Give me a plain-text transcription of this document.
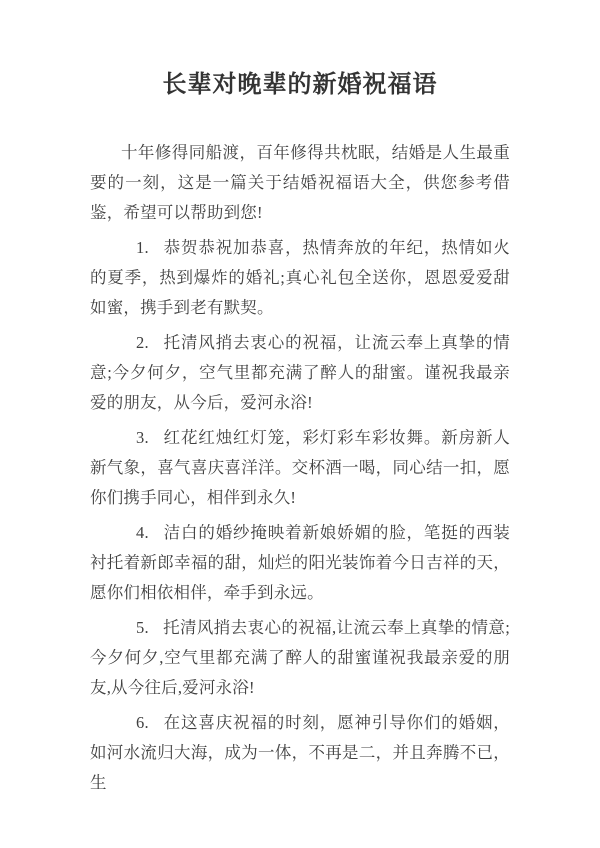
长辈对晚辈的新婚祝福语

十年修得同船渡，百年修得共枕眠，结婚是人生最重要的一刻，这是一篇关于结婚祝福语大全，供您参考借鉴，希望可以帮助到您!

1. 恭贺恭祝加恭喜，热情奔放的年纪，热情如火的夏季，热到爆炸的婚礼;真心礼包全送你，恩恩爱爱甜如蜜，携手到老有默契。

2. 托清风捎去衷心的祝福，让流云奉上真挚的情意;今夕何夕，空气里都充满了醉人的甜蜜。谨祝我最亲爱的朋友，从今后，爱河永浴!

3. 红花红烛红灯笼，彩灯彩车彩妆舞。新房新人新气象，喜气喜庆喜洋洋。交杯酒一喝，同心结一扣，愿你们携手同心，相伴到永久!

4. 洁白的婚纱掩映着新娘娇媚的脸，笔挺的西装衬托着新郎幸福的甜，灿烂的阳光装饰着今日吉祥的天，愿你们相依相伴，牵手到永远。

5. 托清风捎去衷心的祝福,让流云奉上真挚的情意;今夕何夕,空气里都充满了醉人的甜蜜谨祝我最亲爱的朋友,从今往后,爱河永浴!

6. 在这喜庆祝福的时刻，愿神引导你们的婚姻，如河水流归大海，成为一体，不再是二，并且奔腾不已，生
